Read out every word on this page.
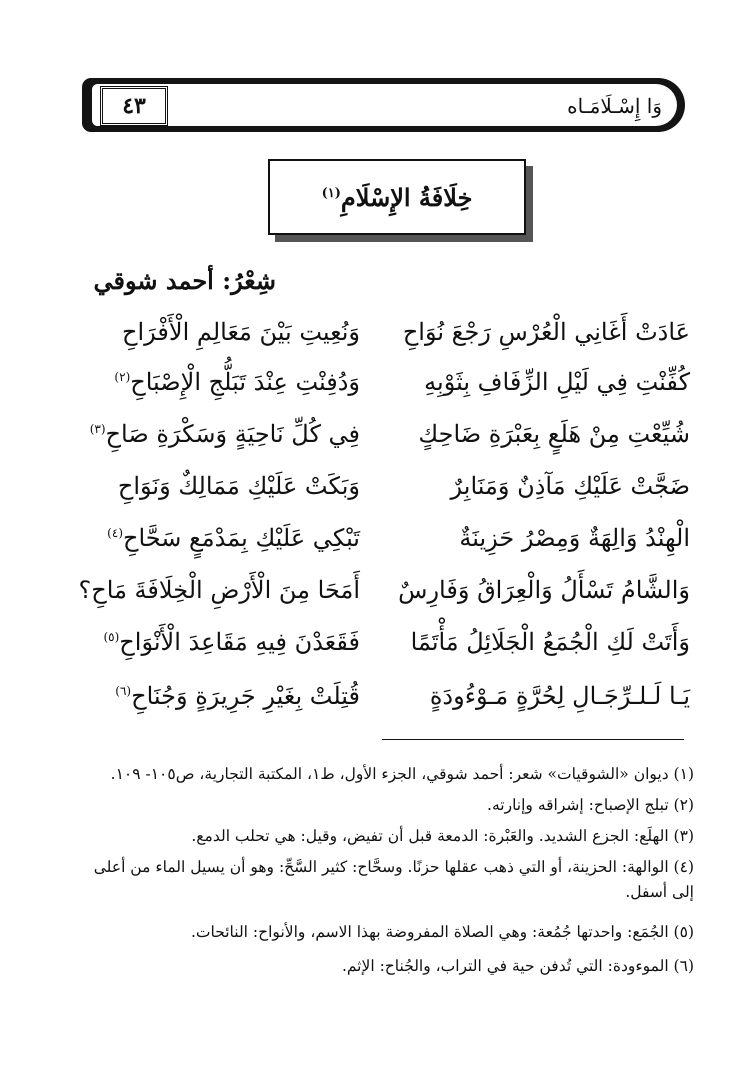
٤٣	وَا إِسْـلَامَـاه
خِلَافَةُ الإِسْلَامِ$^{(١)}$
شِعْرُ: أحمد شوقي
عَادَتْ أَغَانِي الْعُرْسِ رَجْعَ نُوَاحِ
وَنُعِيتِ بَيْنَ مَعَالِمِ الْأَفْرَاحِ
كُفِّنْتِ فِي لَيْلِ الزِّفَافِ بِثَوْبِهِ
وَدُفِنْتِ عِنْدَ تَبَلُّجِ الْإِصْبَاحِ$^{(٢)}$
شُيِّعْتِ مِنْ هَلَعٍ بِعَبْرَةِ ضَاحِكٍ
فِي كُلِّ نَاحِيَةٍ وَسَكْرَةِ صَاحِ$^{(٣)}$
ضَجَّتْ عَلَيْكِ مَآذِنٌ وَمَنَابِرٌ
وَبَكَتْ عَلَيْكِ مَمَالِكٌ وَنَوَاحِ
الْهِنْدُ وَالِهَةٌ وَمِصْرُ حَزِينَةٌ
تَبْكِي عَلَيْكِ بِمَدْمَعٍ سَحَّاحِ$^{(٤)}$
وَالشَّامُ تَسْأَلُ وَالْعِرَاقُ وَفَارِسٌ
أَمَحَا مِنَ الْأَرْضِ الْخِلَافَةَ مَاحِ؟
وَأَتَتْ لَكِ الْجُمَعُ الْجَلَائِلُ مَأْتَمًا
فَقَعَدْنَ فِيهِ مَقَاعِدَ الْأَنْوَاحِ$^{(٥)}$
يَـا لَـلـرِّجَـالِ لِحُرَّةٍ مَـوْءُودَةٍ
قُتِلَتْ بِغَيْرِ جَرِيرَةٍ وَجُنَاحِ$^{(٦)}$
(١) ديوان «الشوقيات» شعر: أحمد شوقي، الجزء الأول، ط١، المكتبة التجارية، ص١٠٥- ١٠٩.
(٢) تبلج الإصباح: إشراقه وإنارته.
(٣) الهلَع: الجزع الشديد. والعَبْرة: الدمعة قبل أن تفيض، وقيل: هي تحلب الدمع.
(٤) الوالهة: الحزينة، أو التي ذهب عقلها حزنًا. وسحَّاح: كثير السَّحِّ: وهو أن يسيل الماء من أعلى إلى أسفل.
(٥) الجُمَع: واحدتها جُمُعة: وهي الصلاة المفروضة بهذا الاسم، والأنواح: النائحات.
(٦) الموءودة: التي تُدفن حية في التراب، والجُناح: الإثم.
